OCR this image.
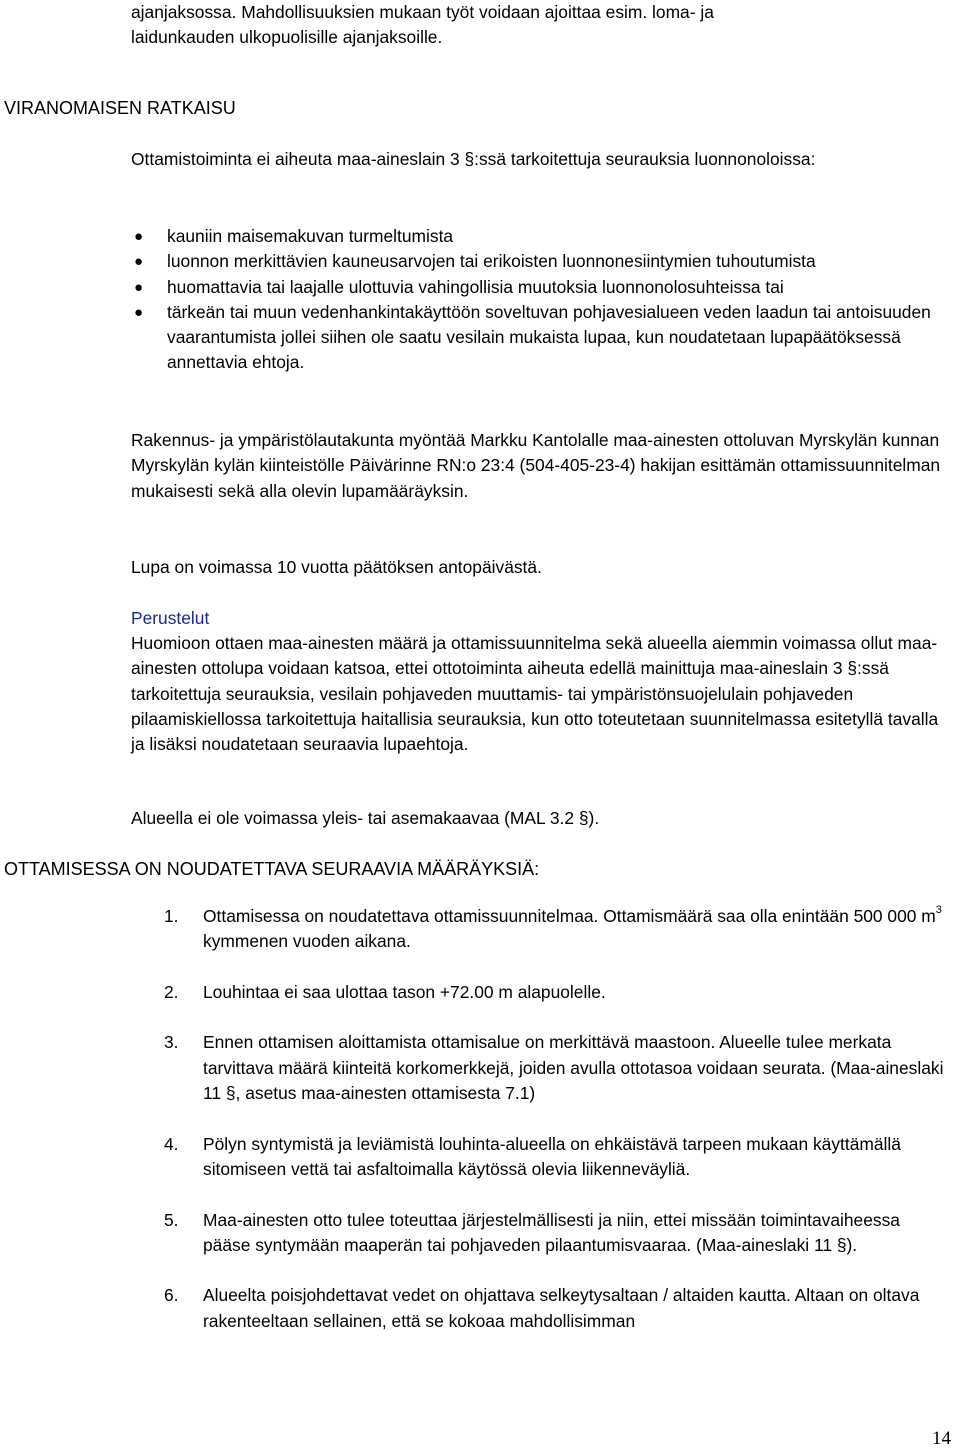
ajanjaksossa. Mahdollisuuksien mukaan työt voidaan ajoittaa esim. loma- ja
laidunkauden ulkopuolisille ajanjaksoille.
VIRANOMAISEN RATKAISU
Ottamistoiminta ei aiheuta maa-aineslain 3 §:ssä tarkoitettuja seurauksia luonnonoloissa:
● kauniin maisemakuvan turmeltumista
● luonnon merkittävien kauneusarvojen tai erikoisten luonnonesiintymien tuhoutumista
● huomattavia tai laajalle ulottuvia vahingollisia muutoksia luonnonolosuhteissa tai
● tärkeän tai muun vedenhankintakäyttöön soveltuvan pohjavesialueen veden laadun tai antoisuuden vaarantumista jollei siihen ole saatu vesilain mukaista lupaa, kun noudatetaan lupapäätöksessä annettavia ehtoja.
Rakennus- ja ympäristölautakunta myöntää Markku Kantolalle maa-ainesten ottoluvan Myrskylän kunnan Myrskylän kylän kiinteistölle Päivärinne RN:o 23:4 (504-405-23-4) hakijan esittämän ottamissuunnitelman mukaisesti sekä alla olevin lupamääräyksin.
Lupa on voimassa 10 vuotta päätöksen antopäivästä.
Perustelut
Huomioon ottaen maa-ainesten määrä ja ottamissuunnitelma sekä alueella aiemmin voimassa ollut maa-ainesten ottolupa voidaan katsoa, ettei ottotoiminta aiheuta edellä mainittuja maa-aineslain 3 §:ssä tarkoitettuja seurauksia, vesilain pohjaveden muuttamis- tai ympäristönsuojelulain pohjaveden pilaamiskiellossa tarkoitettuja haitallisia seurauksia, kun otto toteutetaan suunnitelmassa esitetyllä tavalla ja lisäksi noudatetaan seuraavia lupaehtoja.
Alueella ei ole voimassa yleis- tai asemakaavaa (MAL 3.2 §).
OTTAMISESSA ON NOUDATETTAVA SEURAAVIA MÄÄRÄYKSIÄ:
1. Ottamisessa on noudatettava ottamissuunnitelmaa. Ottamismäärä saa olla enintään 500 000 $m^3$ kymmenen vuoden aikana.
2. Louhintaa ei saa ulottaa tason +72.00 m alapuolelle.
3. Ennen ottamisen aloittamista ottamisalue on merkittävä maastoon. Alueelle tulee merkata tarvittava määrä kiinteitä korkomerkkejä, joiden avulla ottotasoa voidaan seurata. (Maa-aineslaki 11 §, asetus maa-ainesten ottamisesta 7.1)
4. Pölyn syntymistä ja leviämistä louhinta-alueella on ehkäistävä tarpeen mukaan käyttämällä sitomiseen vettä tai asfaltoimalla käytössä olevia liikenneväyliä.
5. Maa-ainesten otto tulee toteuttaa järjestelmällisesti ja niin, ettei missään toimintavaiheessa pääse syntymään maaperän tai pohjaveden pilaantumisvaaraa. (Maa-aineslaki 11 §).
6. Alueelta poisjohdettavat vedet on ohjattava selkeytysaltaan / altaiden kautta. Altaan on oltava rakenteeltaan sellainen, että se kokoaa mahdollisimman
14
